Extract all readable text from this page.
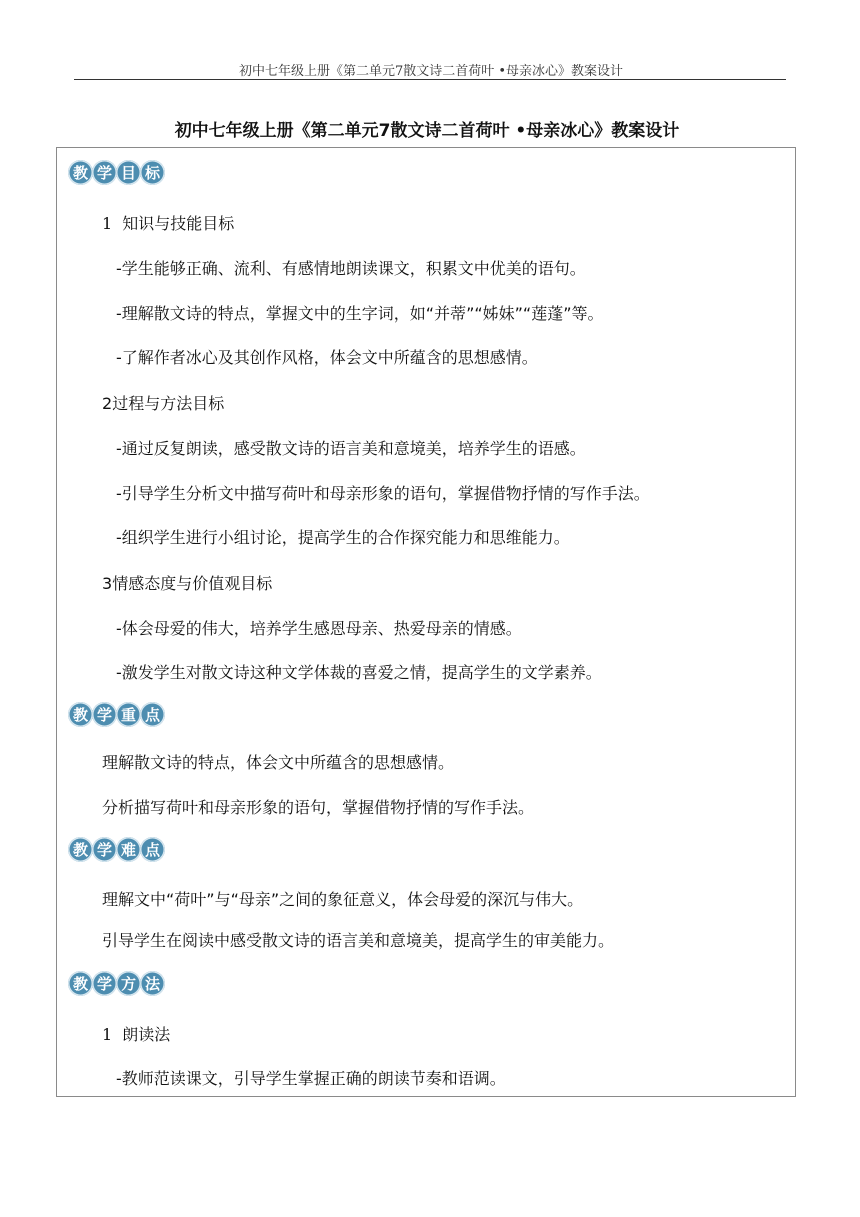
初中七年级上册《第二单元7散文诗二首荷叶 •母亲冰心》教案设计
初中七年级上册《第二单元7散文诗二首荷叶 •母亲冰心》教案设计
教 学 目 标
1 知识与技能目标
-学生能够正确、流利、有感情地朗读课文，积累文中优美的语句。
-理解散文诗的特点，掌握文中的生字词，如“并蒂”“姊妹”“莲蓬”等。
-了解作者冰心及其创作风格，体会文中所蕴含的思想感情。
2过程与方法目标
-通过反复朗读，感受散文诗的语言美和意境美，培养学生的语感。
-引导学生分析文中描写荷叶和母亲形象的语句，掌握借物抒情的写作手法。
-组织学生进行小组讨论，提高学生的合作探究能力和思维能力。
3情感态度与价值观目标
-体会母爱的伟大，培养学生感恩母亲、热爱母亲的情感。
-激发学生对散文诗这种文学体裁的喜爱之情，提高学生的文学素养。
教 学 重 点
理解散文诗的特点，体会文中所蕴含的思想感情。
分析描写荷叶和母亲形象的语句，掌握借物抒情的写作手法。
教 学 难 点
理解文中“荷叶”与“母亲”之间的象征意义，体会母爱的深沉与伟大。
引导学生在阅读中感受散文诗的语言美和意境美，提高学生的审美能力。
教 学 方 法
1 朗读法
-教师范读课文，引导学生掌握正确的朗读节奏和语调。
